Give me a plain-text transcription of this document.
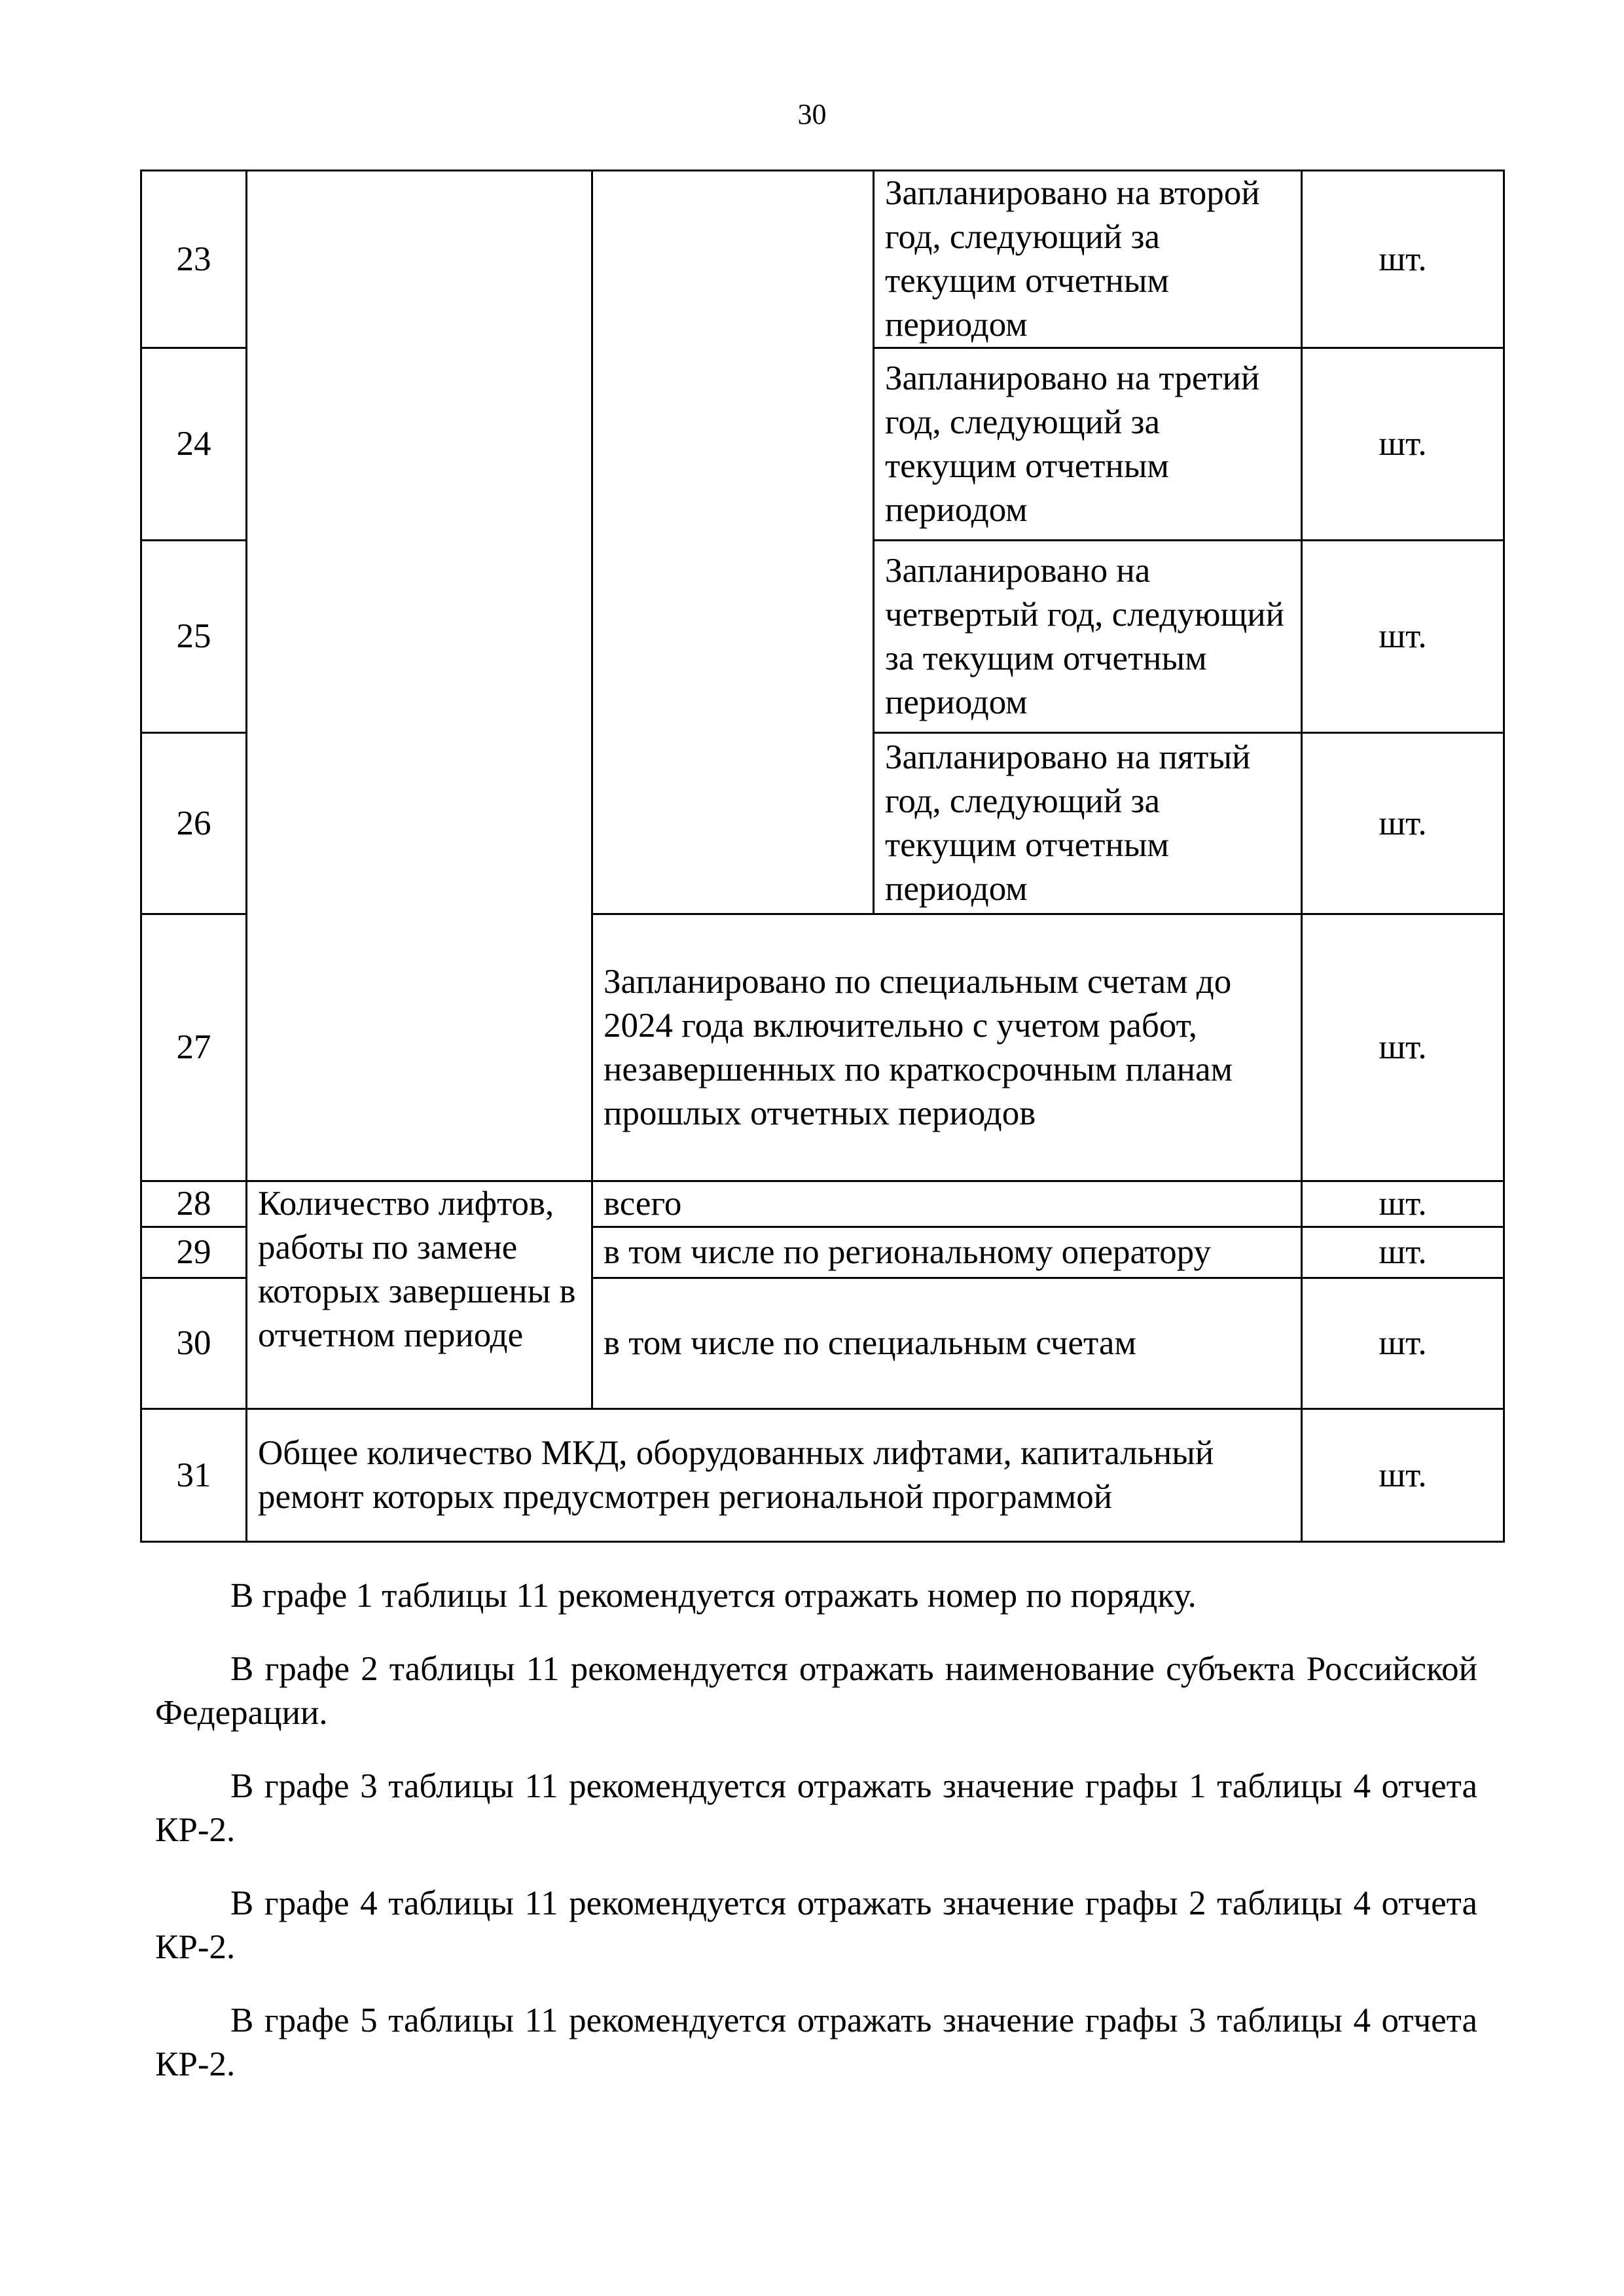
30
23			Запланировано на второй год, следующий за текущим отчетным периодом	шт.
24			Запланировано на третий год, следующий за текущим отчетным периодом	шт.
25			Запланировано на четвертый год, следующий за текущим отчетным периодом	шт.
26			Запланировано на пятый год, следующий за текущим отчетным периодом	шт.
27		Запланировано по специальным счетам до 2024 года включительно с учетом работ, незавершенных по краткосрочным планам прошлых отчетных периодов		шт.
28	Количество лифтов, работы по замене которых завершены в отчетном периоде	всего		шт.
29		в том числе по региональному оператору		шт.
30		в том числе по специальным счетам		шт.
31	Общее количество МКД, оборудованных лифтами, капитальный ремонт которых предусмотрен региональной программой			шт.

В графе 1 таблицы 11 рекомендуется отражать номер по порядку.

В графе 2 таблицы 11 рекомендуется отражать наименование субъекта Российской Федерации.

В графе 3 таблицы 11 рекомендуется отражать значение графы 1 таблицы 4 отчета КР-2.

В графе 4 таблицы 11 рекомендуется отражать значение графы 2 таблицы 4 отчета КР-2.

В графе 5 таблицы 11 рекомендуется отражать значение графы 3 таблицы 4 отчета КР-2.
